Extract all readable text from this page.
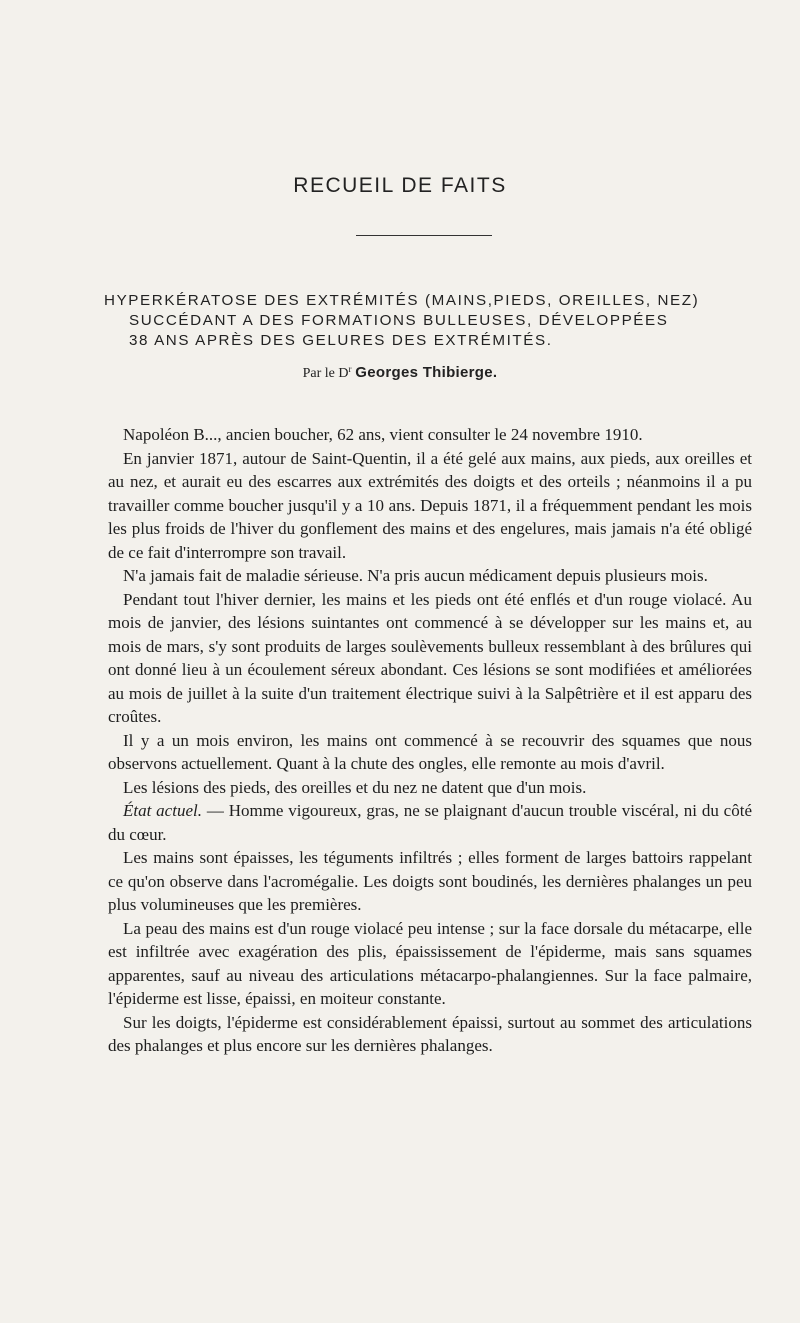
RECUEIL DE FAITS
HYPERKÉRATOSE DES EXTRÉMITÉS (MAINS,PIEDS, OREILLES, NEZ)
SUCCÉDANT A DES FORMATIONS BULLEUSES, DÉVELOPPÉES
38 ANS APRÈS DES GELURES DES EXTRÉMITÉS.
Par le $D^r$ Georges Thibierge.

Napoléon B..., ancien boucher, 62 ans, vient consulter le 24 novembre 1910.

En janvier 1871, autour de Saint-Quentin, il a été gelé aux mains, aux pieds, aux oreilles et au nez, et aurait eu des escarres aux extrémités des doigts et des orteils ; néanmoins il a pu travailler comme boucher jusqu'il y a 10 ans. Depuis 1871, il a fréquemment pendant les mois les plus froids de l'hiver du gonflement des mains et des engelures, mais jamais n'a été obligé de ce fait d'interrompre son travail.

N'a jamais fait de maladie sérieuse. N'a pris aucun médicament depuis plusieurs mois.

Pendant tout l'hiver dernier, les mains et les pieds ont été enflés et d'un rouge violacé. Au mois de janvier, des lésions suintantes ont commencé à se développer sur les mains et, au mois de mars, s'y sont produits de larges soulèvements bulleux ressemblant à des brûlures qui ont donné lieu à un écoulement séreux abondant. Ces lésions se sont modifiées et améliorées au mois de juillet à la suite d'un traitement électrique suivi à la Salpêtrière et il est apparu des croûtes.

Il y a un mois environ, les mains ont commencé à se recouvrir des squames que nous observons actuellement. Quant à la chute des ongles, elle remonte au mois d'avril.

Les lésions des pieds, des oreilles et du nez ne datent que d'un mois.

État actuel. — Homme vigoureux, gras, ne se plaignant d'aucun trouble viscéral, ni du côté du cœur.

Les mains sont épaisses, les téguments infiltrés ; elles forment de larges battoirs rappelant ce qu'on observe dans l'acromégalie. Les doigts sont boudinés, les dernières phalanges un peu plus volumineuses que les premières.

La peau des mains est d'un rouge violacé peu intense ; sur la face dorsale du métacarpe, elle est infiltrée avec exagération des plis, épaississement de l'épiderme, mais sans squames apparentes, sauf au niveau des articulations métacarpo-phalangiennes. Sur la face palmaire, l'épiderme est lisse, épaissi, en moiteur constante.

Sur les doigts, l'épiderme est considérablement épaissi, surtout au sommet des articulations des phalanges et plus encore sur les dernières phalanges.
